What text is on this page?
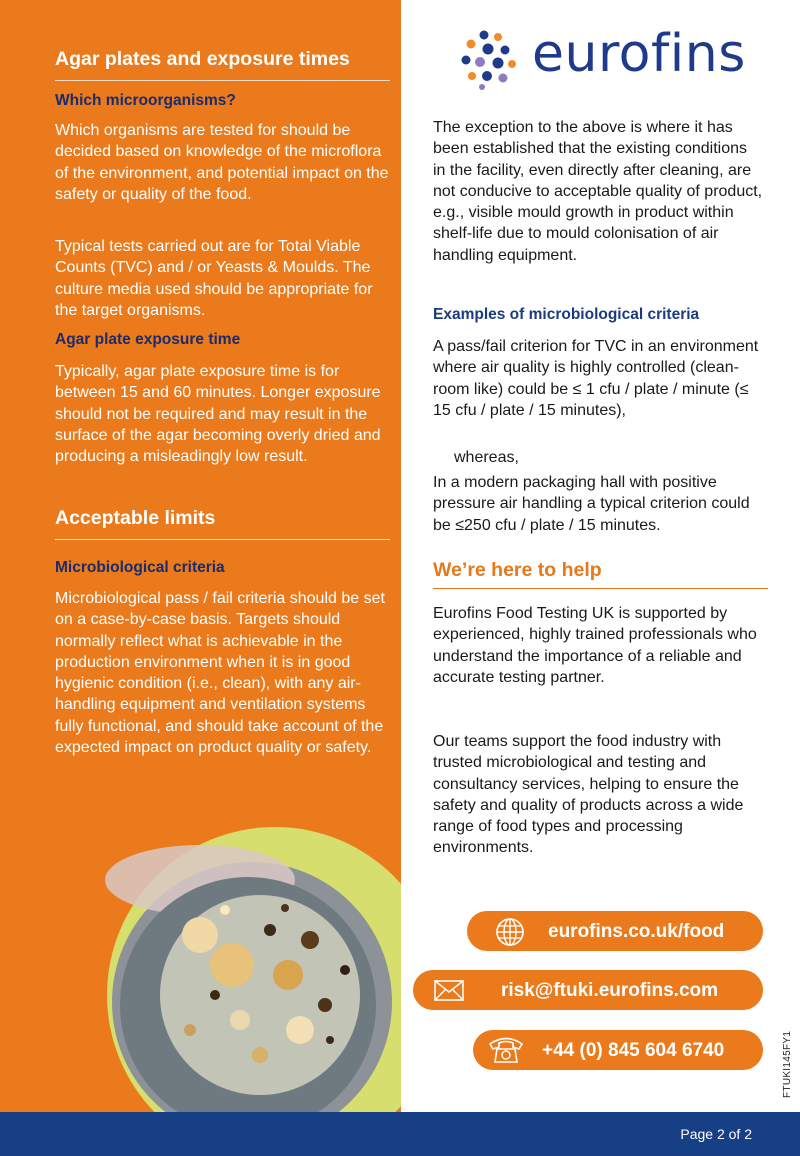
Agar plates and exposure times
Which microorganisms?

Which organisms are tested for should be decided based on knowledge of the microflora of the environment, and potential impact on the safety or quality of the food.

Typical tests carried out are for Total Viable Counts (TVC) and / or Yeasts & Moulds. The culture media used should be appropriate for the target organisms.

Agar plate exposure time

Typically, agar plate exposure time is for between 15 and 60 minutes. Longer exposure should not be required and may result in the surface of the agar becoming overly dried and producing a misleadingly low result.

Acceptable limits
Microbiological criteria

Microbiological pass / fail criteria should be set on a case-by-case basis. Targets should normally reflect what is achievable in the production environment when it is in good hygienic condition (i.e., clean), with any air-handling equipment and ventilation systems fully functional, and should take account of the expected impact on product quality or safety.

eurofins

The exception to the above is where it has been established that the existing conditions in the facility, even directly after cleaning, are not conducive to acceptable quality of product, e.g., visible mould growth in product within shelf-life due to mould colonisation of air handling equipment.

Examples of microbiological criteria

A pass/fail criterion for TVC in an environment where air quality is highly controlled (clean-room like) could be ≤ 1 cfu / plate / minute (≤ 15 cfu / plate / 15 minutes),

whereas,

In a modern packaging hall with positive pressure air handling a typical criterion could be ≤250 cfu / plate / 15 minutes.

We’re here to help

Eurofins Food Testing UK is supported by experienced, highly trained professionals who understand the importance of a reliable and accurate testing partner.

Our teams support the food industry with trusted microbiological and testing and consultancy services, helping to ensure the safety and quality of products across a wide range of food types and processing environments.

eurofins.co.uk/food
risk@ftuki.eurofins.com
+44 (0) 845 604 6740	FTUKI145FY1
Page 2 of 2
